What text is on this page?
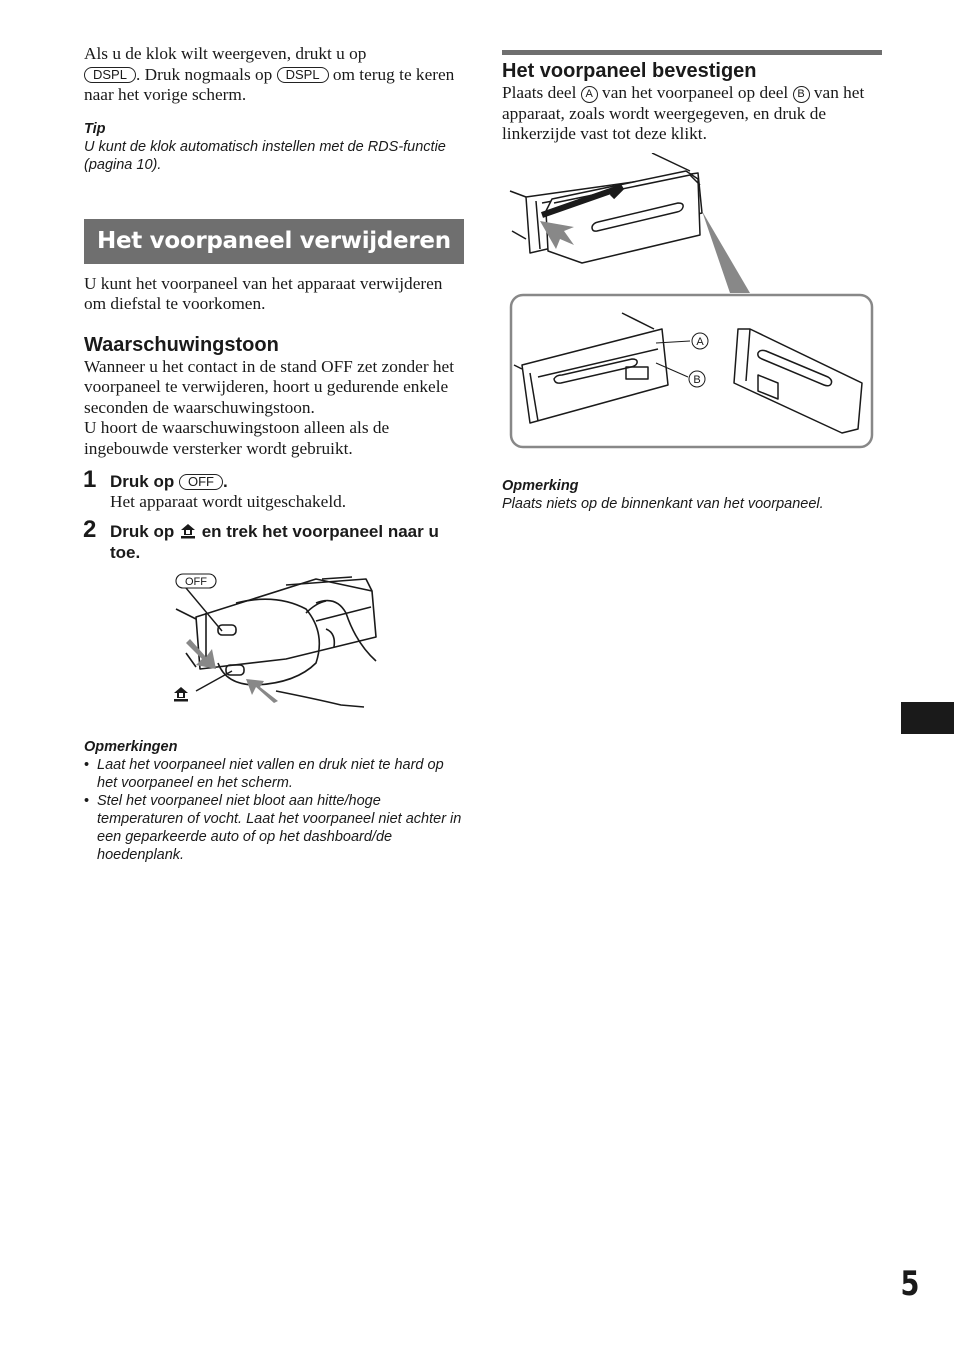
Als u de klok wilt weergeven, drukt u op
DSPL . Druk nogmaals op DSPL om terug te keren naar het vorige scherm.

Tip
U kunt de klok automatisch instellen met de RDS-functie (pagina 10).
Het voorpaneel verwijderen

U kunt het voorpaneel van het apparaat verwijderen om diefstal te voorkomen.

Waarschuwingstoon

Wanneer u het contact in de stand OFF zet zonder het voorpaneel te verwijderen, hoort u gedurende enkele seconden de waarschuwingstoon.

U hoort de waarschuwingstoon alleen als de ingebouwde versterker wordt gebruikt.

1 Druk op OFF .

Het apparaat wordt uitgeschakeld.

2 Druk op en trek het voorpaneel naar u toe.
OFF
Opmerkingen
• Laat het voorpaneel niet vallen en druk niet te hard op het voorpaneel en het scherm.
• Stel het voorpaneel niet bloot aan hitte/hoge temperaturen of vocht. Laat het voorpaneel niet achter in een geparkeerde auto of op het dashboard/de hoedenplank.
Het voorpaneel bevestigen

Plaats deel A van het voorpaneel op deel B van het apparaat, zoals wordt weergegeven, en druk de linkerzijde vast tot deze klikt.

A
B
Opmerking
Plaats niets op de binnenkant van het voorpaneel.
5
